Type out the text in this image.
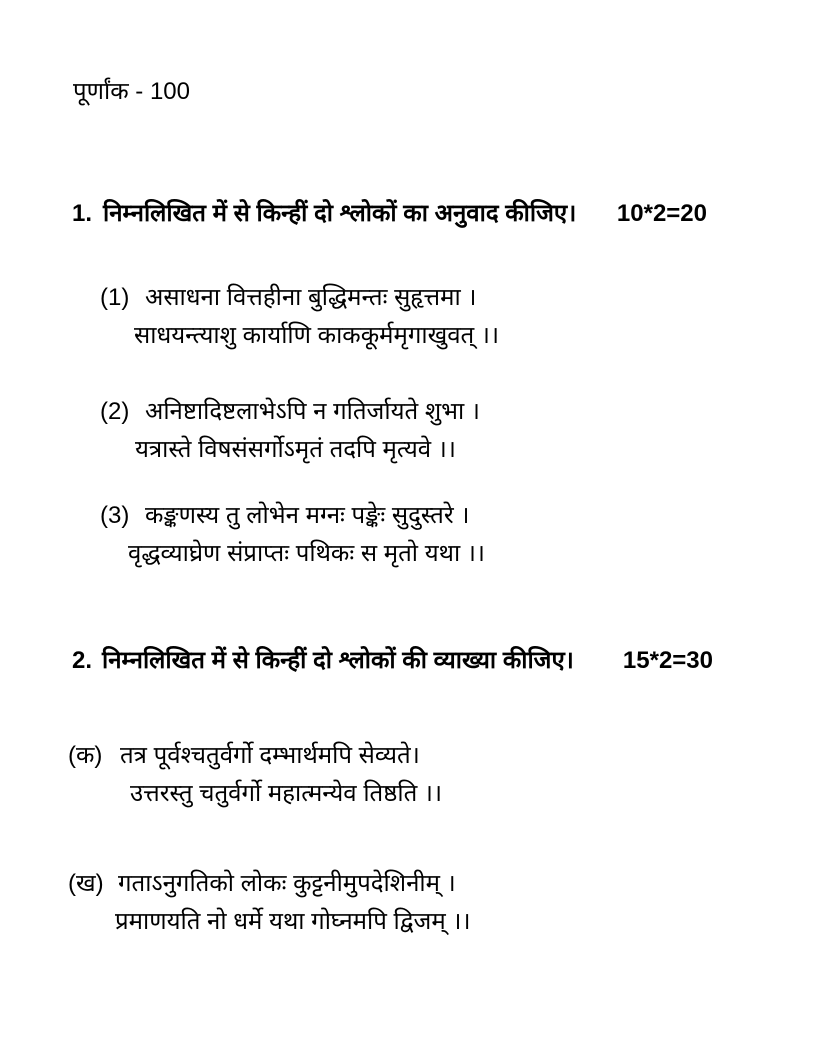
पूर्णांक - 100
1. निम्नलिखित में से किन्हीं दो श्लोकों का अनुवाद कीजिए। 10*2=20
(1) असाधना वित्तहीना बुद्धिमन्तः सुहृत्तमा ।
साधयन्त्याशु कार्याणि काककूर्ममृगाखुवत् ।।
(2) अनिष्टादिष्टलाभेऽपि न गतिर्जायते शुभा ।
यत्रास्ते विषसंसर्गोऽमृतं तदपि मृत्यवे ।।
(3) कङ्कणस्य तु लोभेन मग्नः पङ्केः सुदुस्तरे ।
वृद्धव्याघ्रेण संप्राप्तः पथिकः स मृतो यथा ।।
2. निम्नलिखित में से किन्हीं दो श्लोकों की व्याख्या कीजिए। 15*2=30
(क) तत्र पूर्वश्चतुर्वर्गो दम्भार्थमपि सेव्यते।
उत्तरस्तु चतुर्वर्गो महात्मन्येव तिष्ठति ।।
(ख) गताऽनुगतिको लोकः कुट्टनीमुपदेशिनीम् ।
प्रमाणयति नो धर्मे यथा गोघ्नमपि द्विजम् ।।
